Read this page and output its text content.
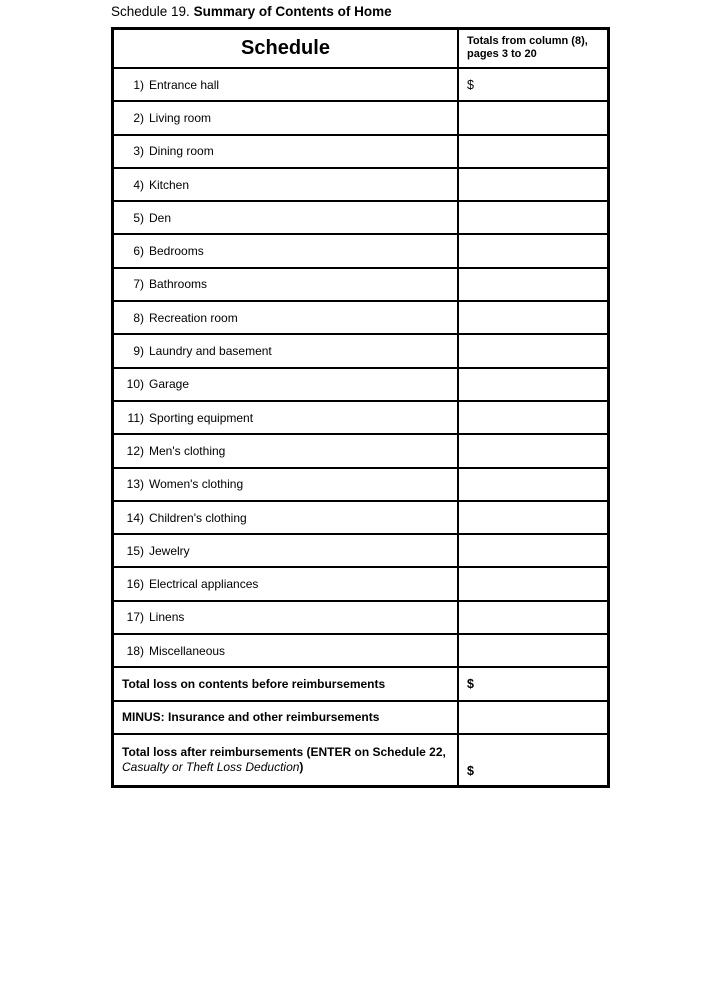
Schedule 19. Summary of Contents of Home
Schedule	Totals from column (8), pages 3 to 20
1) Entrance hall	$
2) Living room
3) Dining room
4) Kitchen
5) Den
6) Bedrooms
7) Bathrooms
8) Recreation room
9) Laundry and basement
10) Garage
11) Sporting equipment
12) Men's clothing
13) Women's clothing
14) Children's clothing
15) Jewelry
16) Electrical appliances
17) Linens
18) Miscellaneous
Total loss on contents before reimbursements	$
MINUS: Insurance and other reimbursements
Total loss after reimbursements (ENTER on Schedule 22, Casualty or Theft Loss Deduction)	$
